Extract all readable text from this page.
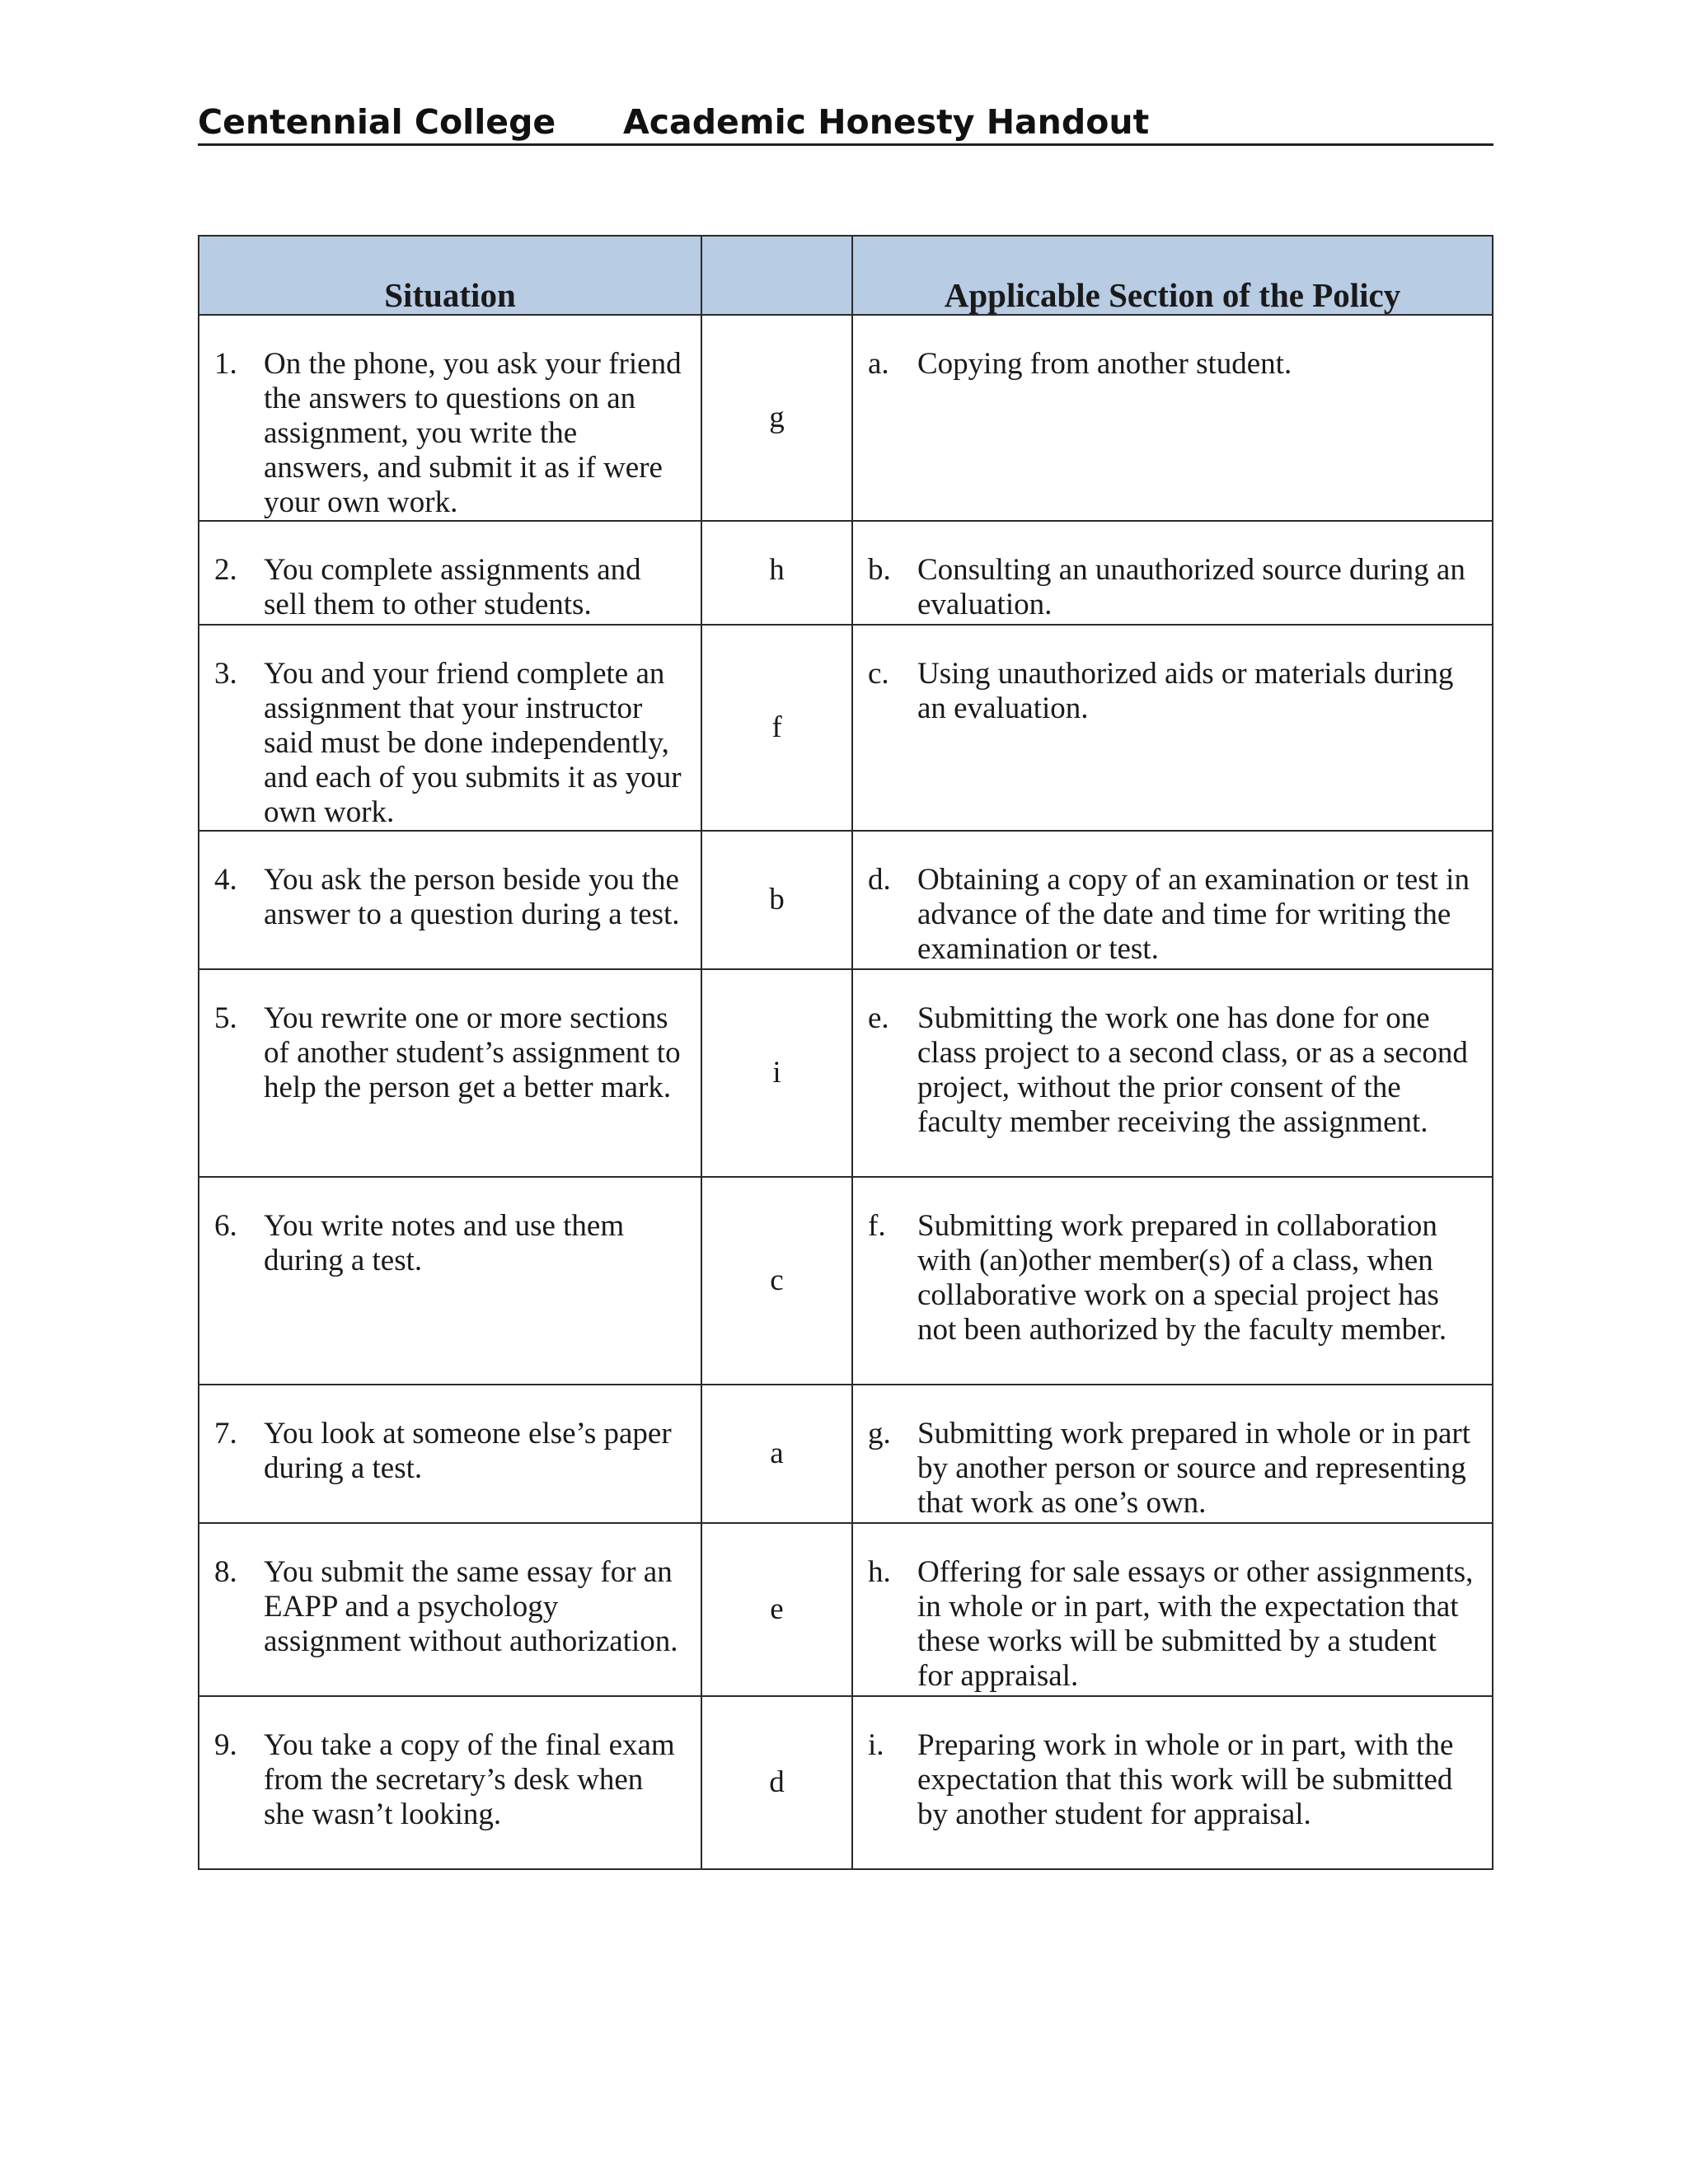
Centennial College Academic Honesty Handout
Situation		Applicable Section of the Policy

1. On the phone, you ask your friend the answers to questions on an assignment, you write the answers, and submit it as if were your own work.	g	a. Copying from another student.

2. You complete assignments and sell them to other students.	h	b. Consulting an unauthorized source during an evaluation.

3. You and your friend complete an assignment that your instructor said must be done independently, and each of you submits it as your own work.	f	c. Using unauthorized aids or materials during an evaluation.

4. You ask the person beside you the answer to a question during a test.	b	d. Obtaining a copy of an examination or test in advance of the date and time for writing the examination or test.

5. You rewrite one or more sections of another student’s assignment to help the person get a better mark.	i	e. Submitting the work one has done for one class project to a second class, or as a second project, without the prior consent of the faculty member receiving the assignment.

6. You write notes and use them during a test.	c	f. Submitting work prepared in collaboration with (an)other member(s) of a class, when collaborative work on a special project has not been authorized by the faculty member.

7. You look at someone else’s paper during a test.	a	g. Submitting work prepared in whole or in part by another person or source and representing that work as one’s own.

8. You submit the same essay for an EAPP and a psychology assignment without authorization.	e	h. Offering for sale essays or other assignments, in whole or in part, with the expectation that these works will be submitted by a student for appraisal.

9. You take a copy of the final exam from the secretary’s desk when she wasn’t looking.	d	i. Preparing work in whole or in part, with the expectation that this work will be submitted by another student for appraisal.
